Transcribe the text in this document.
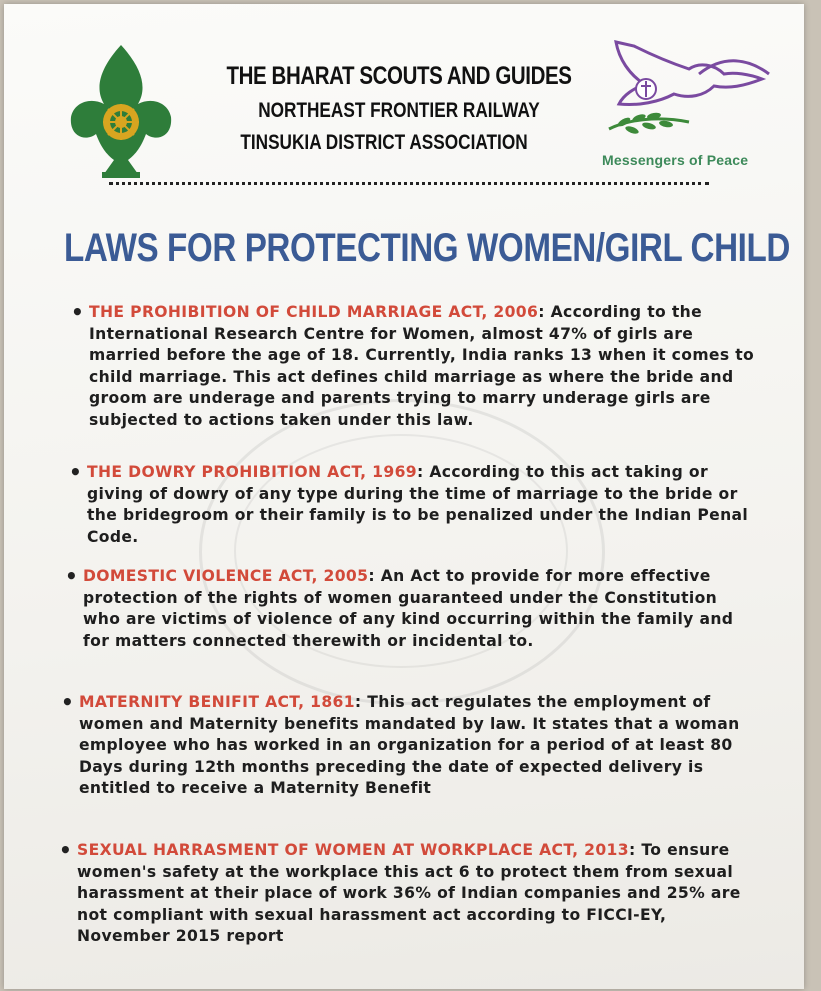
THE BHARAT SCOUTS AND GUIDES
NORTHEAST FRONTIER RAILWAY
TINSUKIA DISTRICT ASSOCIATION
Messengers of Peace
LAWS FOR PROTECTING WOMEN/GIRL CHILD
• THE PROHIBITION OF CHILD MARRIAGE ACT, 2006: According to the International Research Centre for Women, almost 47% of girls are married before the age of 18. Currently, India ranks 13 when it comes to child marriage. This act defines child marriage as where the bride and groom are underage and parents trying to marry underage girls are subjected to actions taken under this law.
• THE DOWRY PROHIBITION ACT, 1969: According to this act taking or giving of dowry of any type during the time of marriage to the bride or the bridegroom or their family is to be penalized under the Indian Penal Code.
• DOMESTIC VIOLENCE ACT, 2005: An Act to provide for more effective protection of the rights of women guaranteed under the Constitution who are victims of violence of any kind occurring within the family and for matters connected therewith or incidental to.
• MATERNITY BENIFIT ACT, 1861: This act regulates the employment of women and Maternity benefits mandated by law. It states that a woman employee who has worked in an organization for a period of at least 80 Days during 12th months preceding the date of expected delivery is entitled to receive a Maternity Benefit
• SEXUAL HARRASMENT OF WOMEN AT WORKPLACE ACT, 2013: To ensure women's safety at the workplace this act 6 to protect them from sexual harassment at their place of work 36% of Indian companies and 25% are not compliant with sexual harassment act according to FICCI-EY, November 2015 report
